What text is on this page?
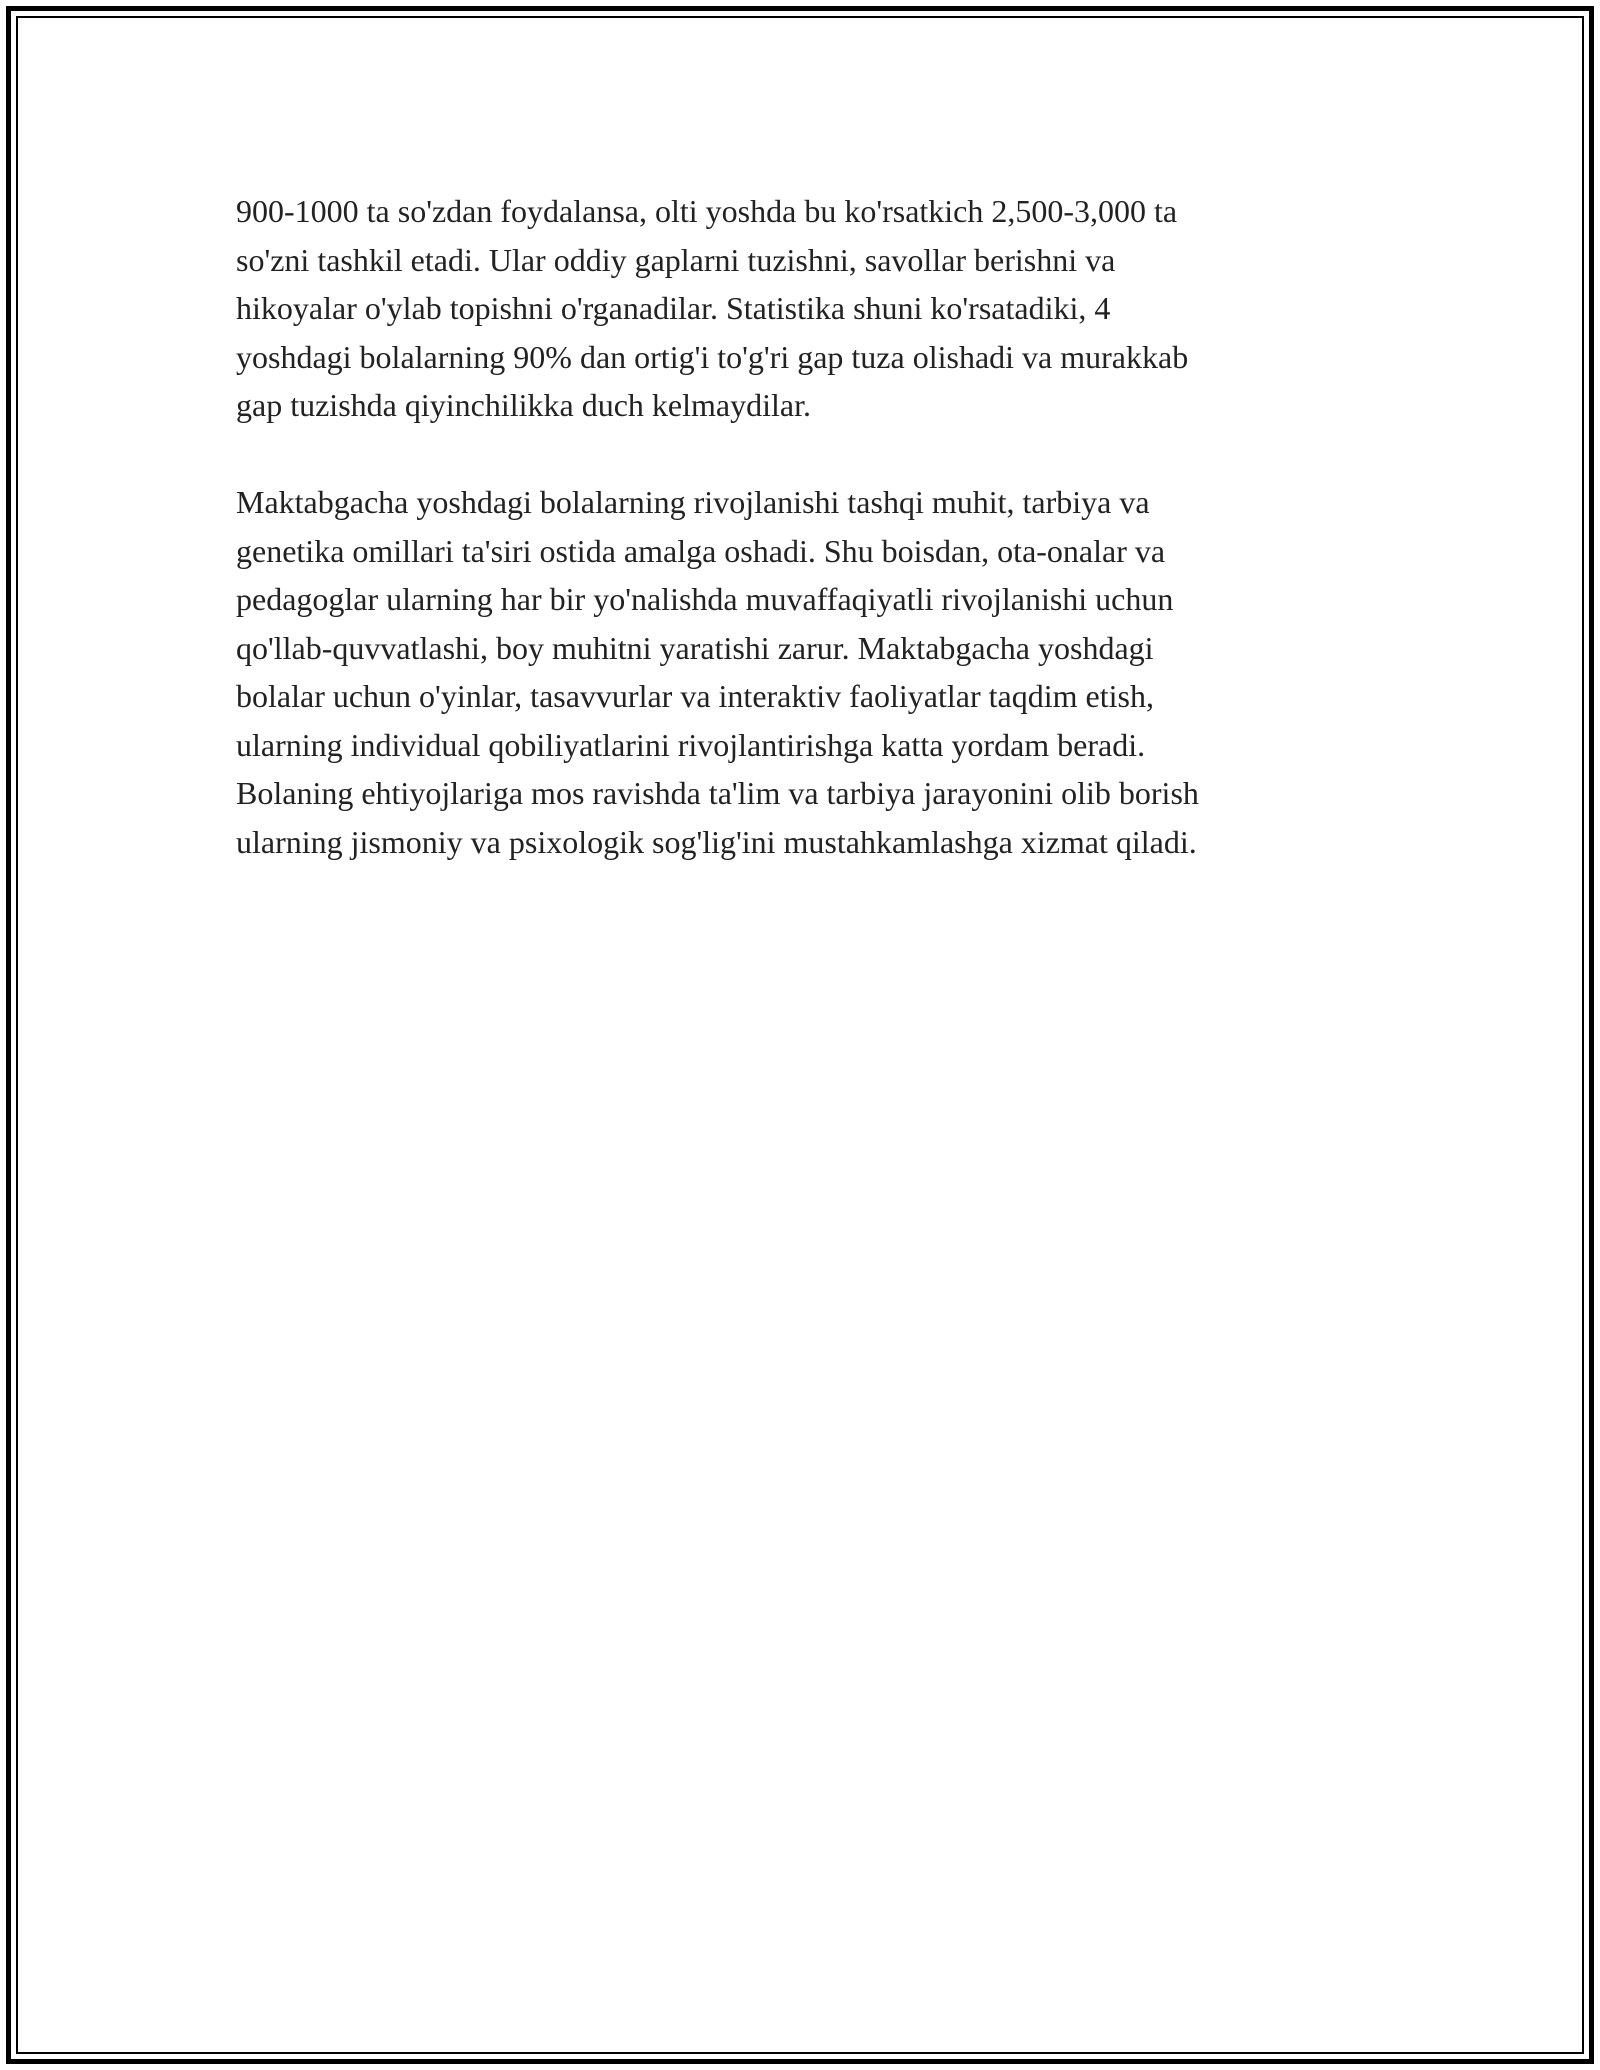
900-1000 ta so'zdan foydalansa, olti yoshda bu ko'rsatkich 2,500-3,000 ta
so'zni tashkil etadi. Ular oddiy gaplarni tuzishni, savollar berishni va
hikoyalar o'ylab topishni o'rganadilar. Statistika shuni ko'rsatadiki, 4
yoshdagi bolalarning 90% dan ortig'i to'g'ri gap tuza olishadi va murakkab
gap tuzishda qiyinchilikka duch kelmaydilar.

Maktabgacha yoshdagi bolalarning rivojlanishi tashqi muhit, tarbiya va
genetika omillari ta'siri ostida amalga oshadi. Shu boisdan, ota-onalar va
pedagoglar ularning har bir yo'nalishda muvaffaqiyatli rivojlanishi uchun
qo'llab-quvvatlashi, boy muhitni yaratishi zarur. Maktabgacha yoshdagi
bolalar uchun o'yinlar, tasavvurlar va interaktiv faoliyatlar taqdim etish,
ularning individual qobiliyatlarini rivojlantirishga katta yordam beradi.
Bolaning ehtiyojlariga mos ravishda ta'lim va tarbiya jarayonini olib borish
ularning jismoniy va psixologik sog'lig'ini mustahkamlashga xizmat qiladi.
